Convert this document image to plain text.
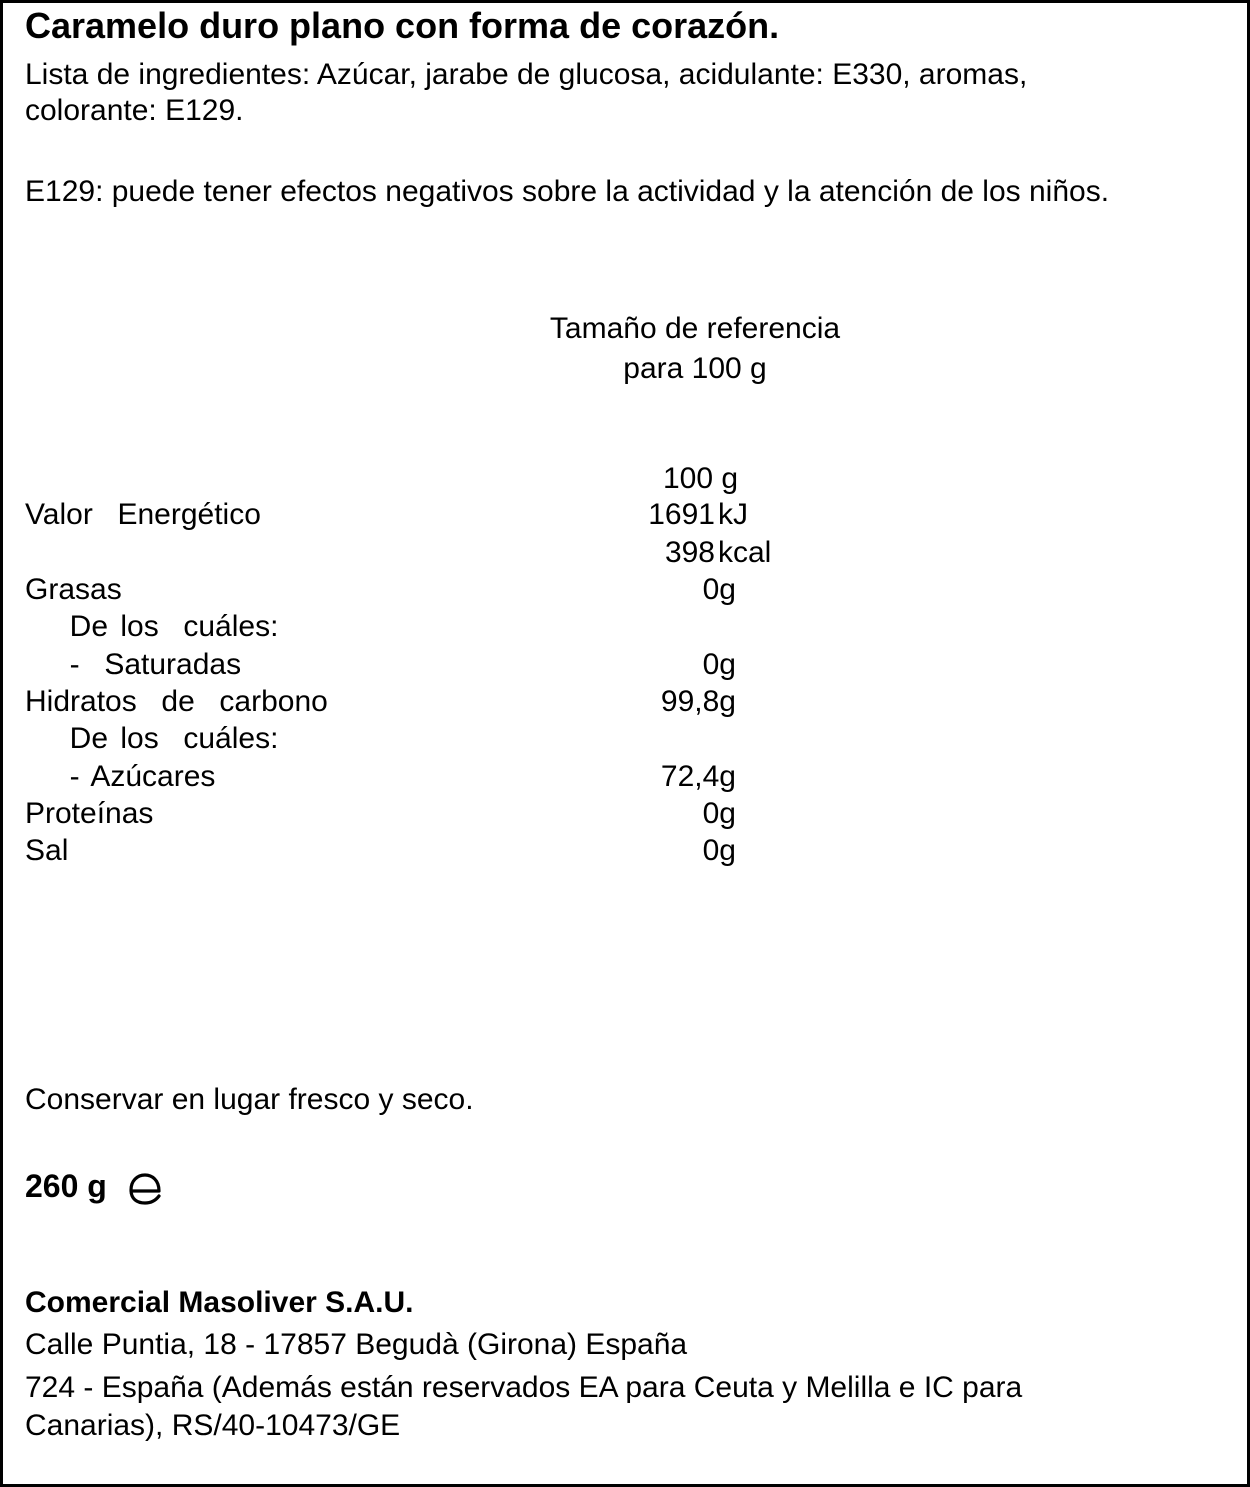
Caramelo duro plano con forma de corazón.
Lista de ingredientes: Azúcar, jarabe de glucosa, acidulante: E330, aromas,
colorante: E129.
E129: puede tener efectos negativos sobre la actividad y la atención de los niños.
Tamaño de referencia
para 100 g
100 g
Valor  Energético	1691 kJ
398 kcal
Grasas	0g
De los  cuáles:
-  Saturadas	0g
Hidratos  de  carbono	99,8g
De los  cuáles:
- Azúcares	72,4g
Proteínas	0g
Sal	0g
Conservar en lugar fresco y seco.
260 g
Comercial Masoliver S.A.U.
Calle Puntia, 18 - 17857 Begudà (Girona) España
724 - España (Además están reservados EA para Ceuta y Melilla e IC para
Canarias), RS/40-10473/GE
